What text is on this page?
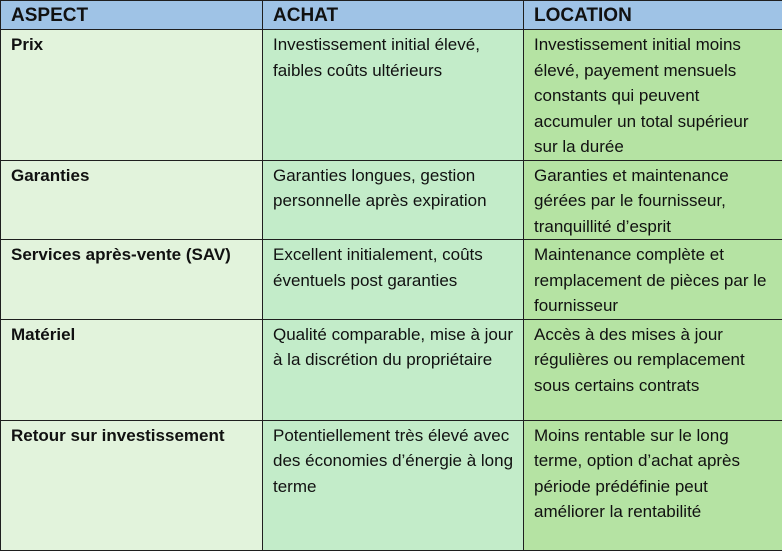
ASPECT	ACHAT	LOCATION
Prix	Investissement initial élevé, faibles coûts ultérieurs	Investissement initial moins élevé, payement mensuels constants qui peuvent accumuler un total supérieur sur la durée
Garanties	Garanties longues, gestion personnelle après expiration	Garanties et maintenance gérées par le fournisseur, tranquillité d’esprit
Services après-vente (SAV)	Excellent initialement, coûts éventuels post garanties	Maintenance complète et remplacement de pièces par le fournisseur
Matériel	Qualité comparable, mise à jour à la discrétion du propriétaire	Accès à des mises à jour régulières ou remplacement sous certains contrats
Retour sur investissement	Potentiellement très élevé avec des économies d’énergie à long terme	Moins rentable sur le long terme, option d’achat après période prédéfinie peut améliorer la rentabilité
